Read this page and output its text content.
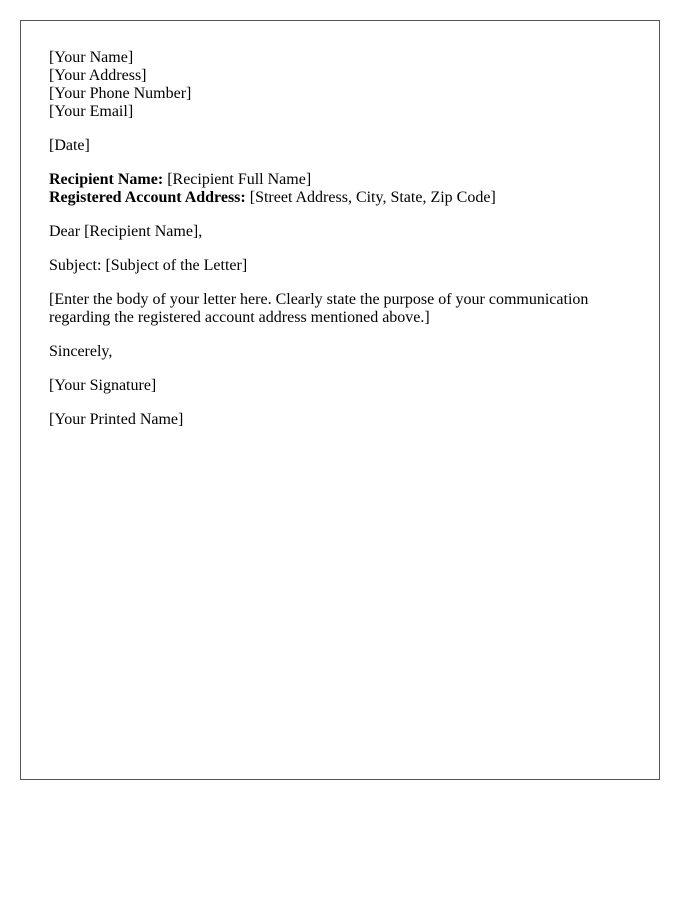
[Your Name]
[Your Address]
[Your Phone Number]
[Your Email]
[Date]
Recipient Name: [Recipient Full Name]
Registered Account Address: [Street Address, City, State, Zip Code]
Dear [Recipient Name],
Subject: [Subject of the Letter]
[Enter the body of your letter here. Clearly state the purpose of your communication regarding the registered account address mentioned above.]
Sincerely,
[Your Signature]
[Your Printed Name]
